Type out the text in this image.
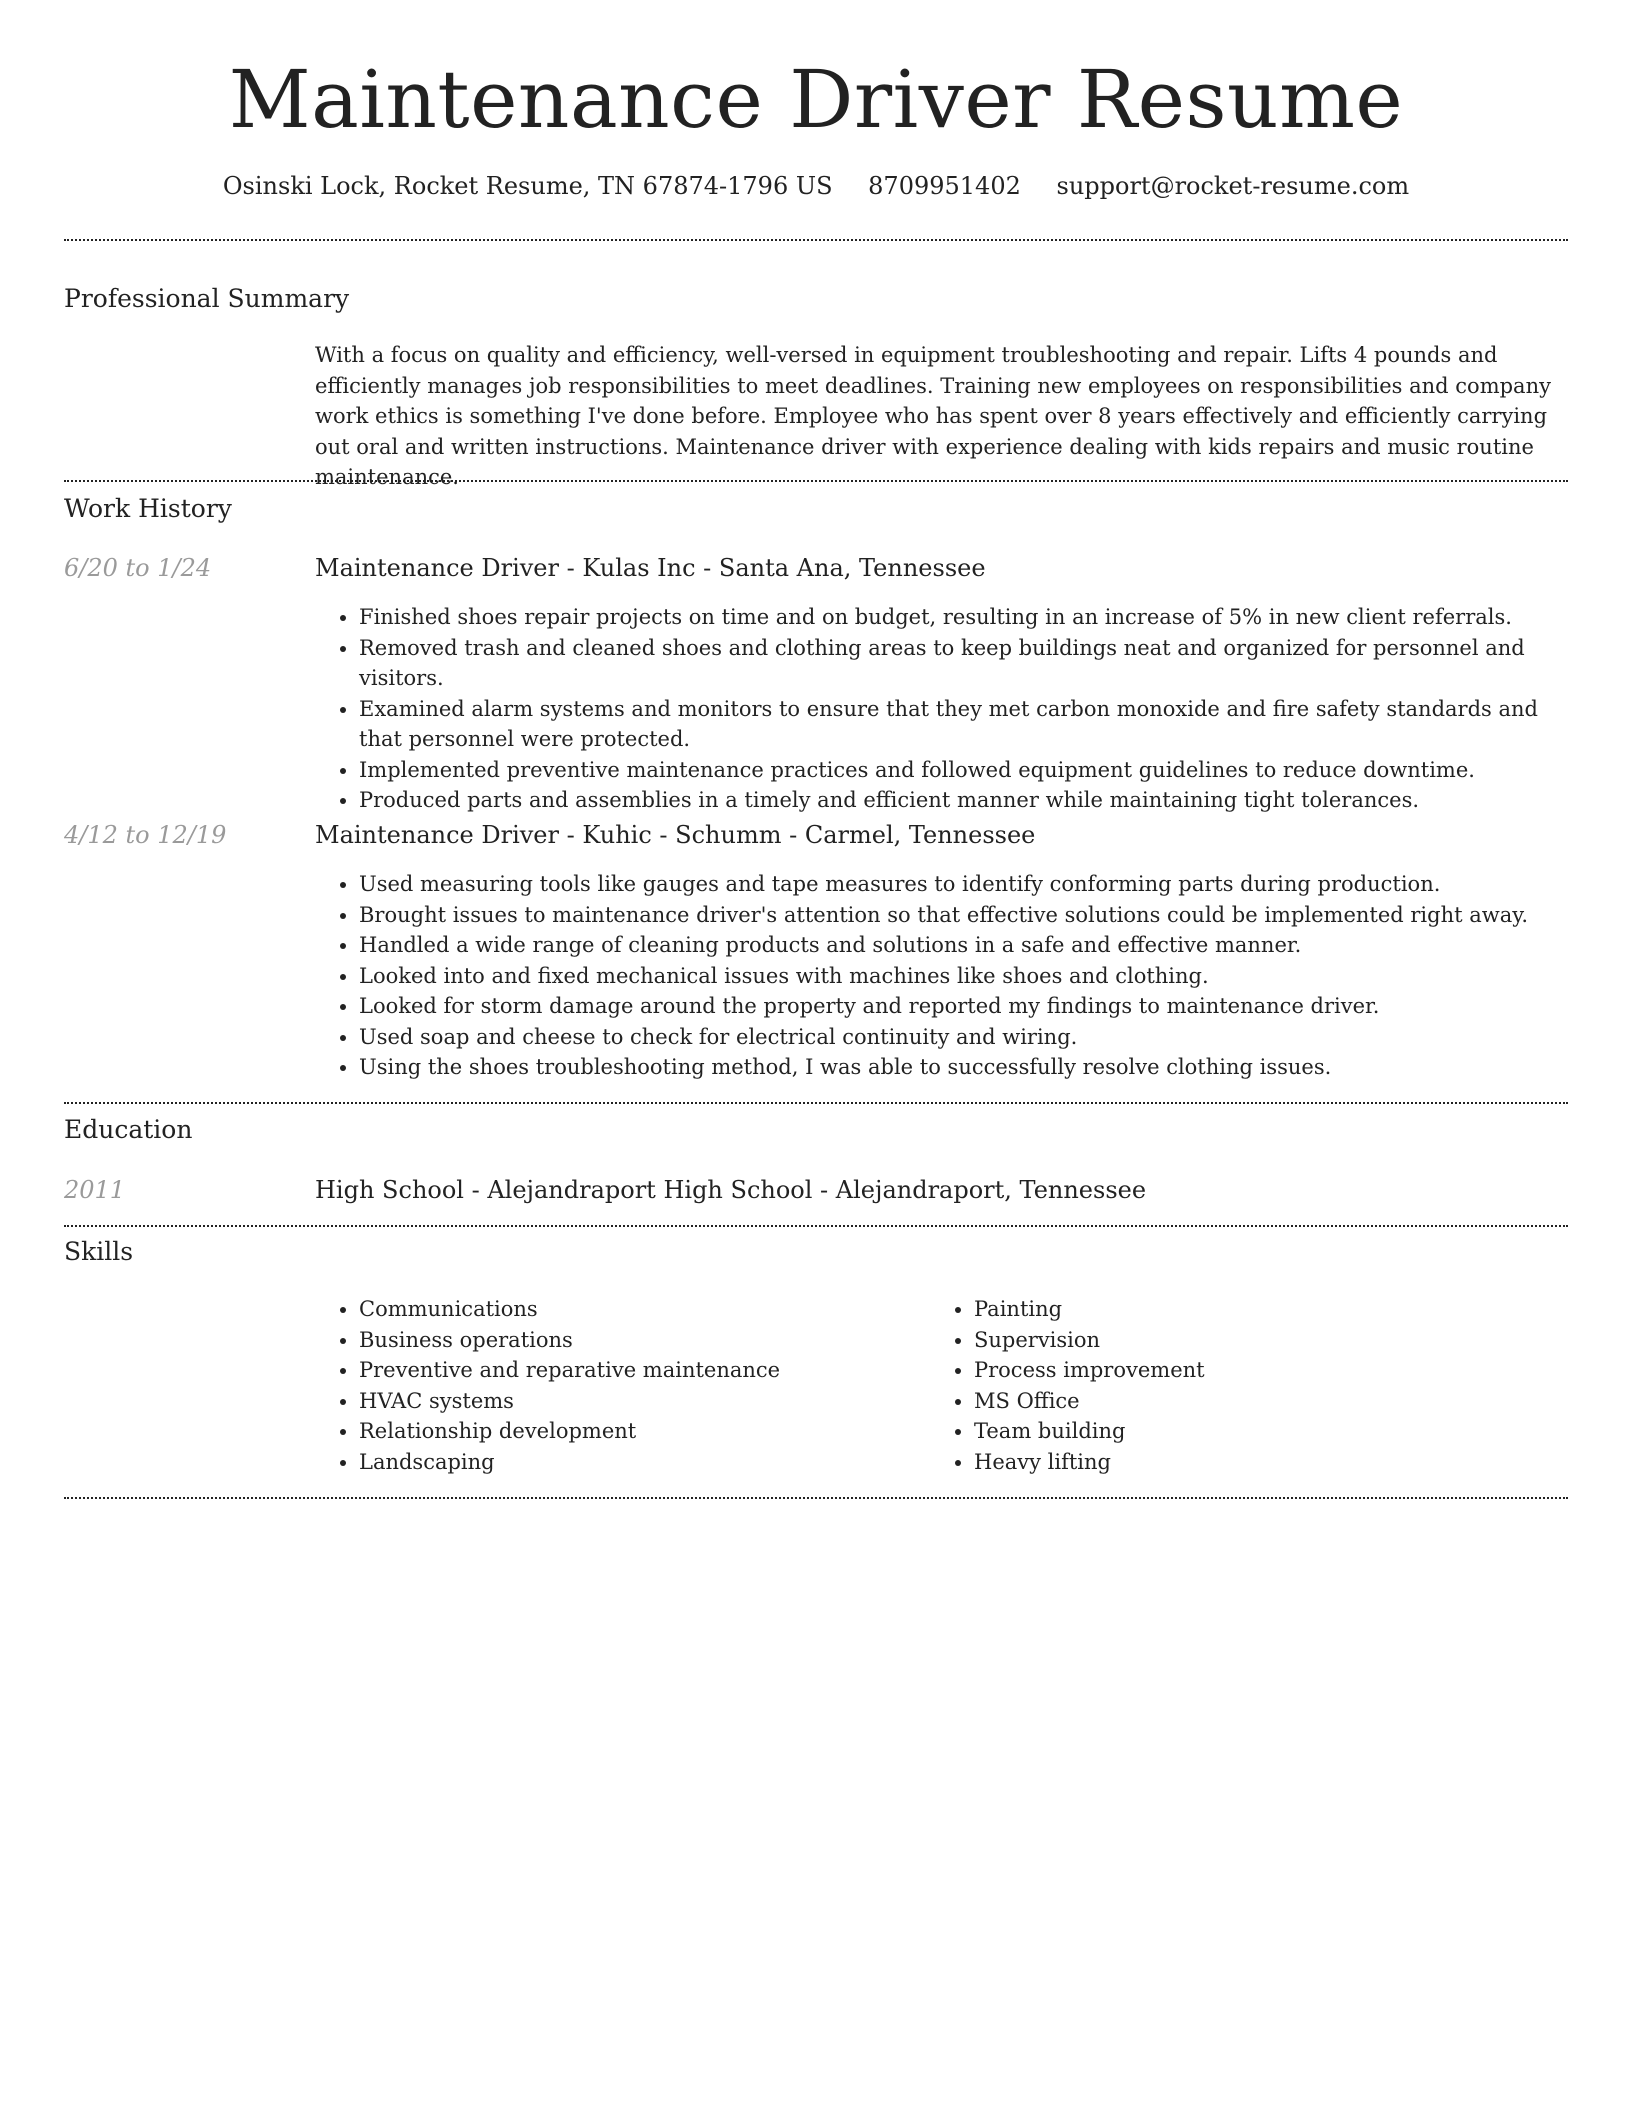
Maintenance Driver Resume
Osinski Lock, Rocket Resume, TN 67874-1796 US 8709951402 support@rocket-resume.com
Professional Summary
With a focus on quality and efficiency, well-versed in equipment troubleshooting and repair. Lifts 4 pounds and efficiently manages job responsibilities to meet deadlines. Training new employees on responsibilities and company work ethics is something I've done before. Employee who has spent over 8 years effectively and efficiently carrying out oral and written instructions. Maintenance driver with experience dealing with kids repairs and music routine maintenance.
Work History
6/20 to 1/24	Maintenance Driver - Kulas Inc - Santa Ana, Tennessee
• Finished shoes repair projects on time and on budget, resulting in an increase of 5% in new client referrals.
• Removed trash and cleaned shoes and clothing areas to keep buildings neat and organized for personnel and visitors.
• Examined alarm systems and monitors to ensure that they met carbon monoxide and fire safety standards and that personnel were protected.
• Implemented preventive maintenance practices and followed equipment guidelines to reduce downtime.
• Produced parts and assemblies in a timely and efficient manner while maintaining tight tolerances.
4/12 to 12/19	Maintenance Driver - Kuhic - Schumm - Carmel, Tennessee
• Used measuring tools like gauges and tape measures to identify conforming parts during production.
• Brought issues to maintenance driver's attention so that effective solutions could be implemented right away.
• Handled a wide range of cleaning products and solutions in a safe and effective manner.
• Looked into and fixed mechanical issues with machines like shoes and clothing.
• Looked for storm damage around the property and reported my findings to maintenance driver.
• Used soap and cheese to check for electrical continuity and wiring.
• Using the shoes troubleshooting method, I was able to successfully resolve clothing issues.
Education
2011	High School - Alejandraport High School - Alejandraport, Tennessee
Skills
• Communications
• Business operations
• Preventive and reparative maintenance
• HVAC systems
• Relationship development
• Landscaping
• Painting
• Supervision
• Process improvement
• MS Office
• Team building
• Heavy lifting
